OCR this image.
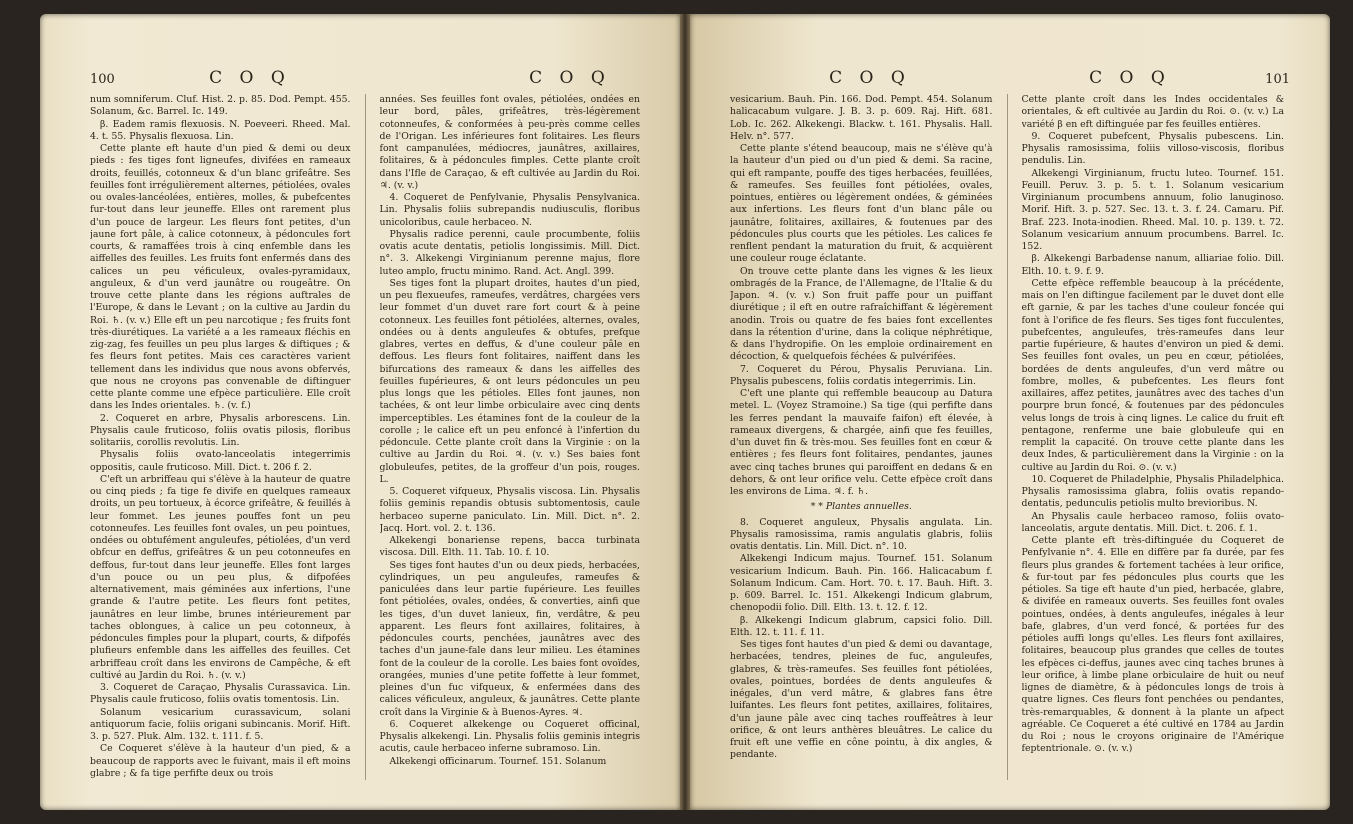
100	C O Q	C O Q

num somniferum. Cluf. Hist. 2. p. 85. Dod. Pempt. 455. Solanum, &c. Barrel. Ic. 149.

β. Eadem ramis flexuosis. N. Poeveeri. Rheed. Mal. 4. t. 55. Physalis flexuosa. Lin.

Cette plante eft haute d'un pied & demi ou deux pieds : fes tiges font ligneufes, divifées en rameaux droits, feuillés, cotonneux & d'un blanc grifeâtre. Ses feuilles font irrégulièrement alternes, pétiolées, ovales ou ovales-lancéolées, entières, molles, & pubefcentes fur-tout dans leur jeuneffe. Elles ont rarement plus d'un pouce de largeur. Les fleurs font petites, d'un jaune fort pâle, à calice cotonneux, à pédoncules fort courts, & ramaffées trois à cinq enfemble dans les aiffelles des feuilles. Les fruits font enfermés dans des calices un peu véficuleux, ovales-pyramidaux, anguleux, & d'un verd jaunâtre ou rougeâtre. On trouve cette plante dans les régions auftrales de l'Europe, & dans le Levant ; on la cultive au Jardin du Roi. ♄. (v. v.) Elle eft un peu narcotique ; fes fruits font très-diurétiques. La variété a a les rameaux fléchis en zig-zag, fes feuilles un peu plus larges & diftiques ; & fes fleurs font petites. Mais ces caractères varient tellement dans les individus que nous avons obfervés, que nous ne croyons pas convenable de diftinguer cette plante comme une efpèce particulière. Elle croît dans les Indes orientales. ♄. (v. f.)

2. Coqueret en arbre, Physalis arborescens. Lin. Physalis caule fruticoso, foliis ovatis pilosis, floribus solitariis, corollis revolutis. Lin.

Physalis foliis ovato-lanceolatis integerrimis oppositis, caule fruticoso. Mill. Dict. t. 206 f. 2.

C'eft un arbriffeau qui s'élève à la hauteur de quatre ou cinq pieds ; fa tige fe divife en quelques rameaux droits, un peu tortueux, à écorce grifeâtre, & feuillés à leur fommet. Les jeunes pouffes font un peu cotonneufes. Les feuilles font ovales, un peu pointues, ondées ou obtufément anguleufes, pétiolées, d'un verd obfcur en deffus, grifeâtres & un peu cotonneufes en deffous, fur-tout dans leur jeuneffe. Elles font larges d'un pouce ou un peu plus, & difpofées alternativement, mais géminées aux infertions, l'une grande & l'autre petite. Les fleurs font petites, jaunâtres en leur limbe, brunes intérieurement par taches oblongues, à calice un peu cotonneux, à pédoncules fimples pour la plupart, courts, & difpofés plufieurs enfemble dans les aiffelles des feuilles. Cet arbriffeau croît dans les environs de Campêche, & eft cultivé au Jardin du Roi. ♄. (v. v.)

3. Coqueret de Caraçao, Physalis Curassavica. Lin. Physalis caule fruticoso, foliis ovatis tomentosis. Lin.

Solanum vesicarium curassavicum, solani antiquorum facie, foliis origani subincanis. Morif. Hift. 3. p. 527. Pluk. Alm. 132. t. 111. f. 5.

Ce Coqueret s'élève à la hauteur d'un pied, & a beaucoup de rapports avec le fuivant, mais il eft moins glabre ; & fa tige perfifte deux ou trois

années. Ses feuilles font ovales, pétiolées, ondées en leur bord, pâles, grifeâtres, très-légèrement cotonneufes, & conformées à peu-près comme celles de l'Origan. Les inférieures font folitaires. Les fleurs font campanulées, médiocres, jaunâtres, axillaires, folitaires, & à pédoncules fimples. Cette plante croît dans l'Ifle de Caraçao, & eft cultivée au Jardin du Roi. ♃. (v. v.)

4. Coqueret de Penfylvanie, Physalis Pensylvanica. Lin. Physalis foliis subrepandis nudiusculis, floribus unicoloribus, caule herbaceo. N.

Physalis radice perenni, caule procumbente, foliis ovatis acute dentatis, petiolis longissimis. Mill. Dict. n°. 3. Alkekengi Virginianum perenne majus, flore luteo amplo, fructu minimo. Rand. Act. Angl. 399.

Ses tiges font la plupart droites, hautes d'un pied, un peu flexueufes, rameufes, verdâtres, chargées vers leur fommet d'un duvet rare fort court & à peine cotonneux. Les feuilles font pétiolées, alternes, ovales, ondées ou à dents anguleufes & obtufes, prefque glabres, vertes en deffus, & d'une couleur pâle en deffous. Les fleurs font folitaires, naiffent dans les bifurcations des rameaux & dans les aiffelles des feuilles fupérieures, & ont leurs pédoncules un peu plus longs que les pétioles. Elles font jaunes, non tachées, & ont leur limbe orbiculaire avec cinq dents imperceptibles. Les étamines font de la couleur de la corolle ; le calice eft un peu enfoncé à l'infertion du pédoncule. Cette plante croît dans la Virginie : on la cultive au Jardin du Roi. ♃. (v. v.) Ses baies font globuleufes, petites, de la groffeur d'un pois, rouges. L.

5. Coqueret vifqueux, Physalis viscosa. Lin. Physalis foliis geminis repandis obtusis subtomentosis, caule herbaceo superne paniculato. Lin. Mill. Dict. n°. 2. Jacq. Hort. vol. 2. t. 136.

Alkekengi bonariense repens, bacca turbinata viscosa. Dill. Elth. 11. Tab. 10. f. 10.

Ses tiges font hautes d'un ou deux pieds, herbacées, cylindriques, un peu anguleufes, rameufes & paniculées dans leur partie fupérieure. Les feuilles font pétiolées, ovales, ondées, & converties, ainfi que les tiges, d'un duvet lanieux, fin, verdâtre, & peu apparent. Les fleurs font axillaires, folitaires, à pédoncules courts, penchées, jaunâtres avec des taches d'un jaune-fale dans leur milieu. Les étamines font de la couleur de la corolle. Les baies font ovoïdes, orangées, munies d'une petite foffette à leur fommet, pleines d'un fuc vifqueux, & enfermées dans des calices véficuleux, anguleux, & jaunâtres. Cette plante croît dans la Virginie & à Buenos-Ayres. ♃.

6. Coqueret alkekenge ou Coqueret officinal, Physalis alkekengi. Lin. Physalis foliis geminis integris acutis, caule herbaceo inferne subramoso. Lin.

Alkekengi officinarum. Tournef. 151. Solanum

C O Q	C O Q	101

vesicarium. Bauh. Pin. 166. Dod. Pempt. 454. Solanum halicacabum vulgare. J. B. 3. p. 609. Raj. Hift. 681. Lob. Ic. 262. Alkekengi. Blackw. t. 161. Physalis. Hall. Helv. n°. 577.

Cette plante s'étend beaucoup, mais ne s'élève qu'à la hauteur d'un pied ou d'un pied & demi. Sa racine, qui eft rampante, pouffe des tiges herbacées, feuillées, & rameufes. Ses feuilles font pétiolées, ovales, pointues, entières ou légèrement ondées, & géminées aux infertions. Les fleurs font d'un blanc pâle ou jaunâtre, folitaires, axillaires, & foutenues par des pédoncules plus courts que les pétioles. Les calices fe renflent pendant la maturation du fruit, & acquièrent une couleur rouge éclatante.

On trouve cette plante dans les vignes & les lieux ombragés de la France, de l'Allemagne, de l'Italie & du Japon. ♃. (v. v.) Son fruit paffe pour un puiffant diurétique ; il eft en outre rafraîchiffant & légèrement anodin. Trois ou quatre de fes baies font excellentes dans la rétention d'urine, dans la colique néphrétique, & dans l'hydropifie. On les emploie ordinairement en décoction, & quelquefois féchées & pulvérifées.

7. Coqueret du Pérou, Physalis Peruviana. Lin. Physalis pubescens, foliis cordatis integerrimis. Lin.

C'eft une plante qui reffemble beaucoup au Datura metel. L. (Voyez Stramoine.) Sa tige (qui perfifte dans les ferres pendant la mauvaife faifon) eft élevée, à rameaux divergens, & chargée, ainfi que fes feuilles, d'un duvet fin & très-mou. Ses feuilles font en cœur & entières ; fes fleurs font folitaires, pendantes, jaunes avec cinq taches brunes qui paroiffent en dedans & en dehors, & ont leur orifice velu. Cette efpèce croît dans les environs de Lima. ♃. f. ♄.

* * Plantes annuelles.

8. Coqueret anguleux, Physalis angulata. Lin. Physalis ramosissima, ramis angulatis glabris, foliis ovatis dentatis. Lin. Mill. Dict. n°. 10.

Alkekengi Indicum majus. Tournef. 151. Solanum vesicarium Indicum. Bauh. Pin. 166. Halicacabum f. Solanum Indicum. Cam. Hort. 70. t. 17. Bauh. Hift. 3. p. 609. Barrel. Ic. 151. Alkekengi Indicum glabrum, chenopodii folio. Dill. Elth. 13. t. 12. f. 12.

β. Alkekengi Indicum glabrum, capsici folio. Dill. Elth. 12. t. 11. f. 11.

Ses tiges font hautes d'un pied & demi ou davantage, herbacées, tendres, pleines de fuc, anguleufes, glabres, & très-rameufes. Ses feuilles font pétiolées, ovales, pointues, bordées de dents anguleufes & inégales, d'un verd mâtre, & glabres fans être luifantes. Les fleurs font petites, axillaires, folitaires, d'un jaune pâle avec cinq taches rouffeâtres à leur orifice, & ont leurs anthères bleuâtres. Le calice du fruit eft une veffie en cône pointu, à dix angles, & pendante.

Cette plante croît dans les Indes occidentales & orientales, & eft cultivée au Jardin du Roi. ⊙. (v. v.) La variété β en eft diftinguée par fes feuilles entières.

9. Coqueret pubefcent, Physalis pubescens. Lin. Physalis ramosissima, foliis villoso-viscosis, floribus pendulis. Lin.

Alkekengi Virginianum, fructu luteo. Tournef. 151. Feuill. Peruv. 3. p. 5. t. 1. Solanum vesicarium Virginianum procumbens annuum, folio lanuginoso. Morif. Hift. 3. p. 527. Sec. 13. t. 3. f. 24. Camaru. Pif. Braf. 223. Inota-inodien. Rheed. Mal. 10. p. 139. t. 72. Solanum vesicarium annuum procumbens. Barrel. Ic. 152.

β. Alkekengi Barbadense nanum, alliariae folio. Dill. Elth. 10. t. 9. f. 9.

Cette efpèce reffemble beaucoup à la précédente, mais on l'en diftingue facilement par le duvet dont elle eft garnie, & par les taches d'une couleur foncée qui font à l'orifice de fes fleurs. Ses tiges font fucculentes, pubefcentes, anguleufes, très-rameufes dans leur partie fupérieure, & hautes d'environ un pied & demi. Ses feuilles font ovales, un peu en cœur, pétiolées, bordées de dents anguleufes, d'un verd mâtre ou fombre, molles, & pubefcentes. Les fleurs font axillaires, affez petites, jaunâtres avec des taches d'un pourpre brun foncé, & foutenues par des pédoncules velus longs de trois à cinq lignes. Le calice du fruit eft pentagone, renferme une baie globuleufe qui en remplit la capacité. On trouve cette plante dans les deux Indes, & particulièrement dans la Virginie : on la cultive au Jardin du Roi. ⊙. (v. v.)

10. Coqueret de Philadelphie, Physalis Philadelphica. Physalis ramosissima glabra, foliis ovatis repando-dentatis, pedunculis petiolis multo brevioribus. N.

An Physalis caule herbaceo ramoso, foliis ovato-lanceolatis, argute dentatis. Mill. Dict. t. 206. f. 1.

Cette plante eft très-diftinguée du Coqueret de Penfylvanie n°. 4. Elle en diffère par fa durée, par fes fleurs plus grandes & fortement tachées à leur orifice, & fur-tout par fes pédoncules plus courts que les pétioles. Sa tige eft haute d'un pied, herbacée, glabre, & divifée en rameaux ouverts. Ses feuilles font ovales pointues, ondées, à dents anguleufes, inégales à leur bafe, glabres, d'un verd foncé, & portées fur des pétioles auffi longs qu'elles. Les fleurs font axillaires, folitaires, beaucoup plus grandes que celles de toutes les efpèces ci-deffus, jaunes avec cinq taches brunes à leur orifice, à limbe plane orbiculaire de huit ou neuf lignes de diamètre, & à pédoncules longs de trois à quatre lignes. Ces fleurs font penchées ou pendantes, très-remarquables, & donnent à la plante un afpect agréable. Ce Coqueret a été cultivé en 1784 au Jardin du Roi ; nous le croyons originaire de l'Amérique feptentrionale. ⊙. (v. v.)
